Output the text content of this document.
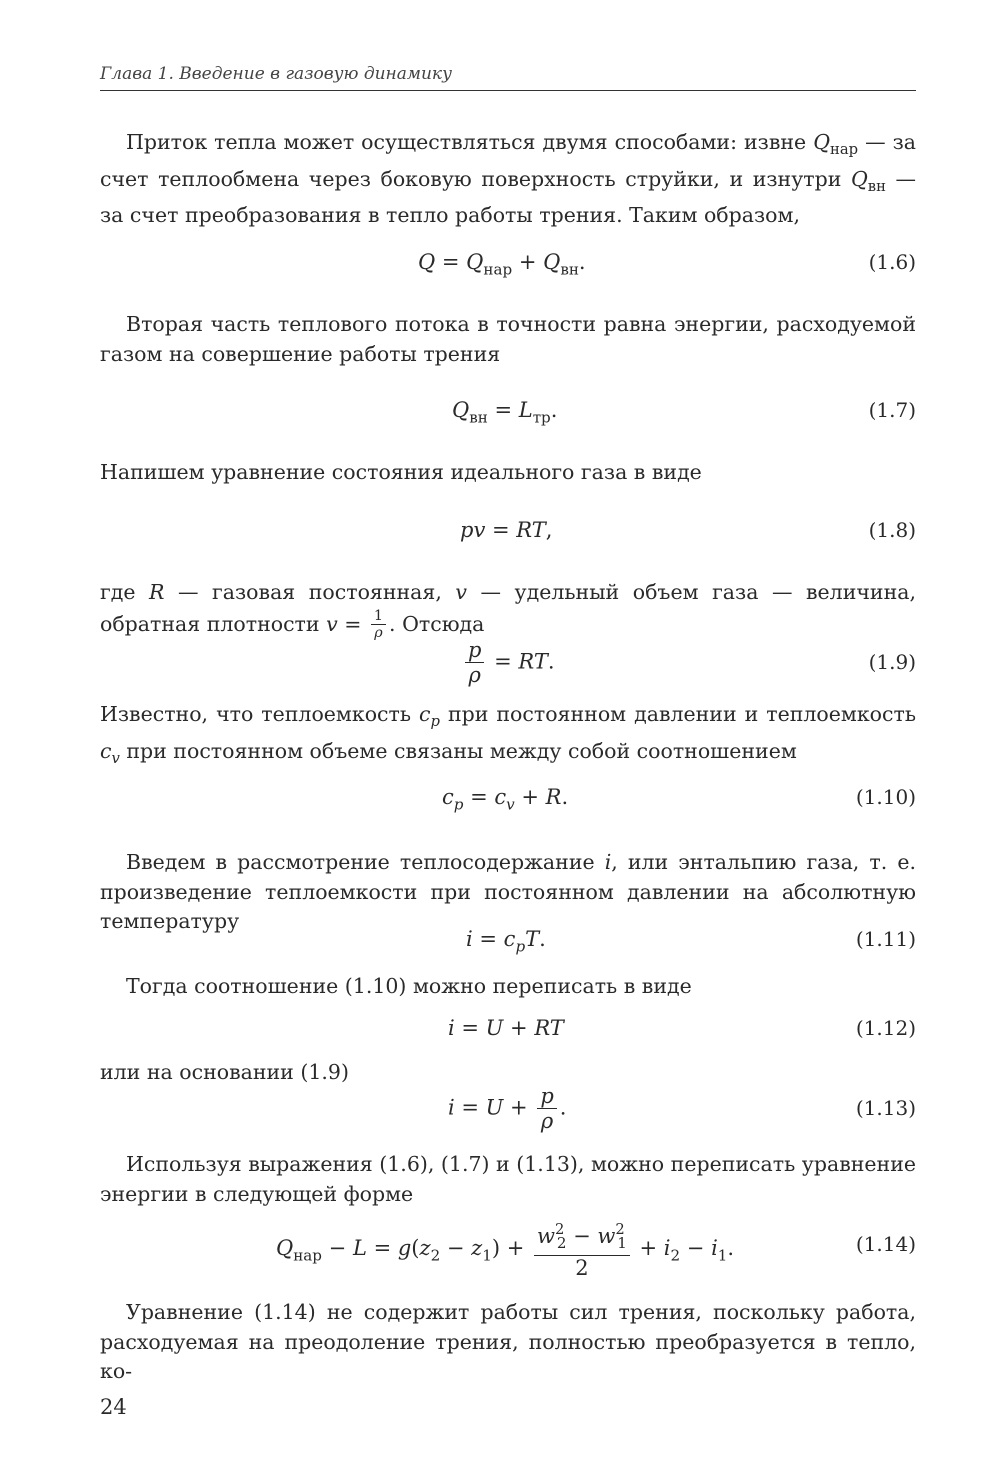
Глава 1. Введение в газовую динамику
Приток тепла может осуществляться двумя способами: извне $Q_{нар}$ — за счет теплообмена через боковую поверхность струйки, и изнутри $Q_{вн}$ — за счет преобразования в тепло работы трения. Таким образом,
$Q = Q_{нар} + Q_{вн}$.	(1.6)
Вторая часть теплового потока в точности равна энергии, расходуемой газом на совершение работы трения
$Q_{вн} = L_{тр}$.	(1.7)
Напишем уравнение состояния идеального газа в виде
pv = RT,	(1.8)
где R — газовая постоянная, v — удельный объем газа — величина, обратная плотности $v = \frac{1}{\rho}$ . Отсюда
$\frac{p}{\rho}$ = RT.	(1.9)
Известно, что теплоемкость $c_p$ при постоянном давлении и теплоемкость $c_v$ при постоянном объеме связаны между собой соотношением
$c_p = c_v + R$.	(1.10)
Введем в рассмотрение теплосодержание i, или энтальпию газа, т. е. произведение теплоемкости при постоянном давлении на абсолютную температуру
$i = c_pT$.	(1.11)
Тогда соотношение (1.10) можно переписать в виде
i = U + RT	(1.12)
или на основании (1.9)
$i = U + \frac{p}{\rho}$ .	(1.13)
Используя выражения (1.6), (1.7) и (1.13), можно переписать уравнение энергии в следующей форме
$Q_{нар} - L = g(z_2 - z_1) + \frac{w^2_2 - w^2_1}{2} + i_2 - i_1$.	(1.14)
Уравнение (1.14) не содержит работы сил трения, поскольку работа, расходуемая на преодоление трения, полностью преобразуется в тепло, ко-
24
